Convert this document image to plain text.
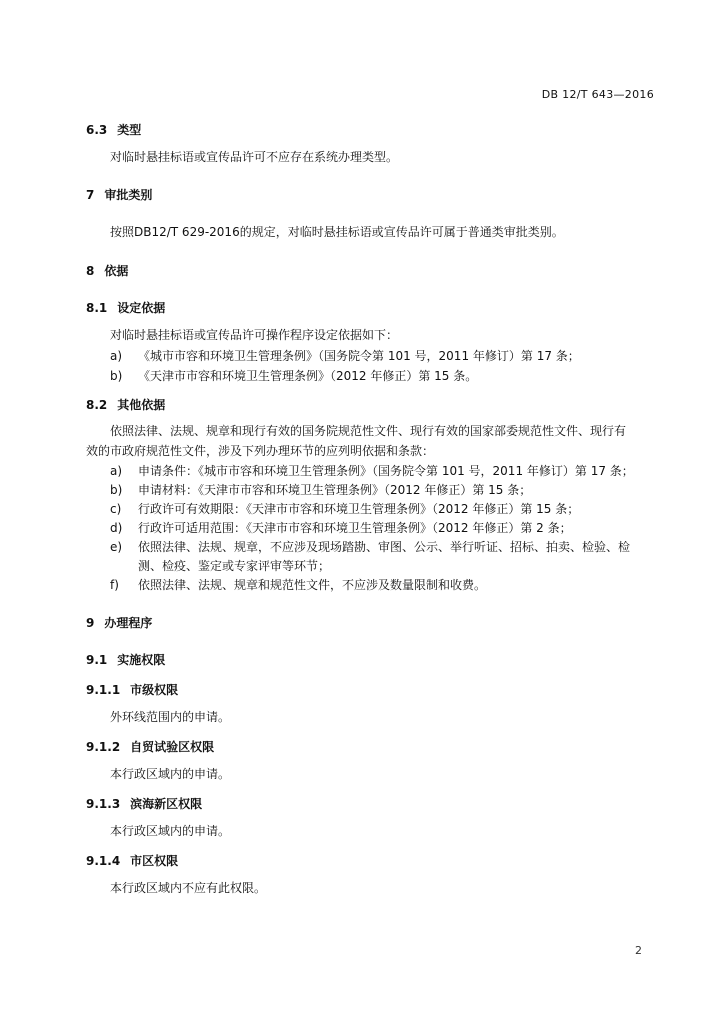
DB 12/T 643—2016
6.3 类型
对临时悬挂标语或宣传品许可不应存在系统办理类型。
7 审批类别
按照DB12/T 629-2016的规定，对临时悬挂标语或宣传品许可属于普通类审批类别。
8 依据
8.1 设定依据
对临时悬挂标语或宣传品许可操作程序设定依据如下：
a) 《城市市容和环境卫生管理条例》（国务院令第 101 号，2011 年修订）第 17 条；
b) 《天津市市容和环境卫生管理条例》（2012 年修正）第 15 条。
8.2 其他依据
依照法律、法规、规章和现行有效的国务院规范性文件、现行有效的国家部委规范性文件、现行有
效的市政府规范性文件，涉及下列办理环节的应列明依据和条款：
a) 申请条件：《城市市容和环境卫生管理条例》（国务院令第 101 号，2011 年修订）第 17 条；
b) 申请材料：《天津市市容和环境卫生管理条例》（2012 年修正）第 15 条；
c) 行政许可有效期限：《天津市市容和环境卫生管理条例》（2012 年修正）第 15 条；
d) 行政许可适用范围：《天津市市容和环境卫生管理条例》（2012 年修正）第 2 条；
e) 依照法律、法规、规章，不应涉及现场踏勘、审图、公示、举行听证、招标、拍卖、检验、检
测、检疫、鉴定或专家评审等环节；
f) 依照法律、法规、规章和规范性文件，不应涉及数量限制和收费。
9 办理程序
9.1 实施权限
9.1.1 市级权限
外环线范围内的申请。
9.1.2 自贸试验区权限
本行政区域内的申请。
9.1.3 滨海新区权限
本行政区域内的申请。
9.1.4 市区权限
本行政区域内不应有此权限。
2
